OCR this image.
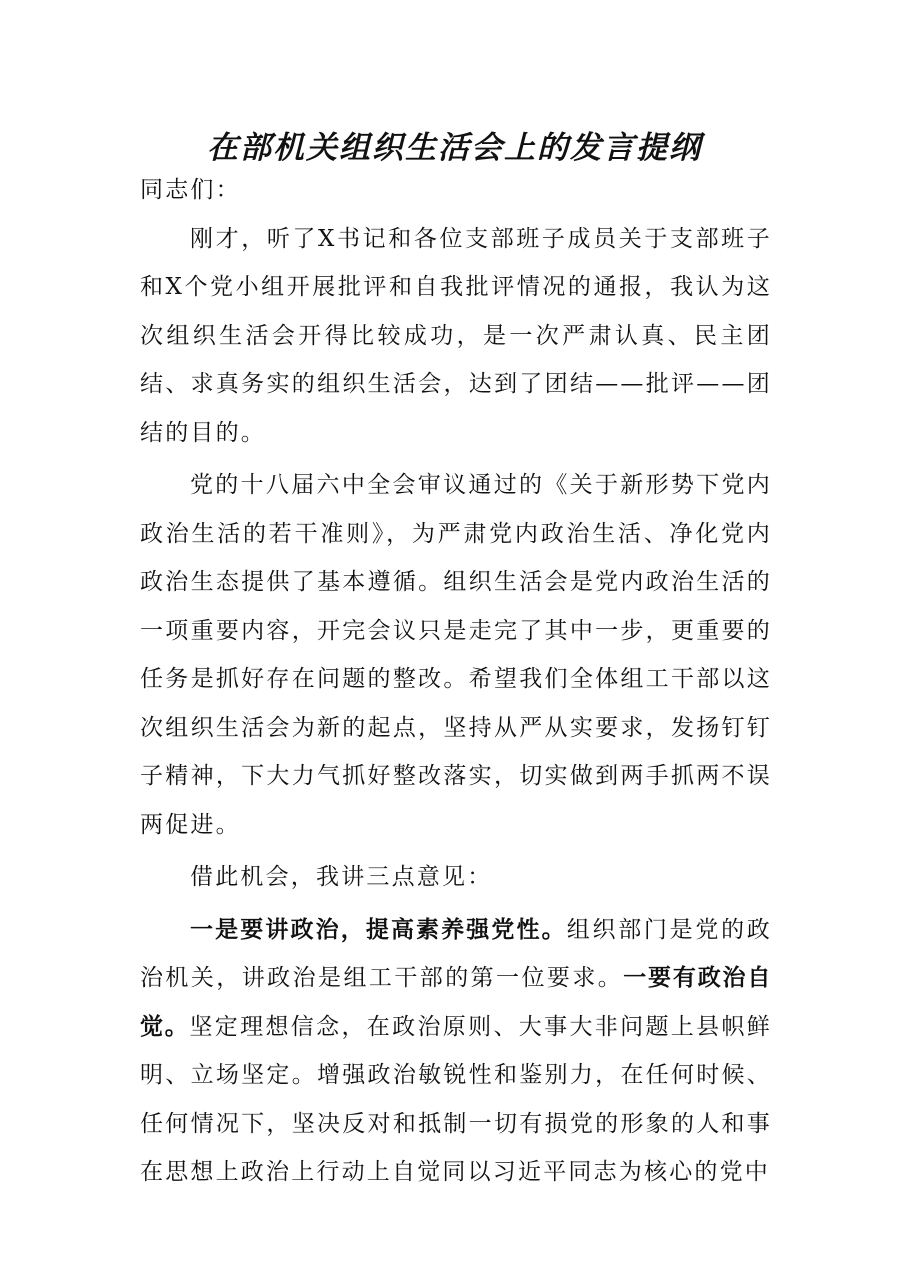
在部机关组织生活会上的发言提纲

同志们：

刚才，听了X书记和各位支部班子成员关于支部班子和X个党小组开展批评和自我批评情况的通报，我认为这次组织生活会开得比较成功，是一次严肃认真、民主团结、求真务实的组织生活会，达到了团结——批评——团结的目的。

党的十八届六中全会审议通过的《关于新形势下党内政治生活的若干准则》，为严肃党内政治生活、净化党内政治生态提供了基本遵循。组织生活会是党内政治生活的一项重要内容，开完会议只是走完了其中一步，更重要的任务是抓好存在问题的整改。希望我们全体组工干部以这次组织生活会为新的起点，坚持从严从实要求，发扬钉钉子精神，下大力气抓好整改落实，切实做到两手抓两不误两促进。

借此机会，我讲三点意见：

一是要讲政治，提高素养强党性。组织部门是党的政治机关，讲政治是组工干部的第一位要求。一要有政治自觉。坚定理想信念，在政治原则、大事大非问题上县帜鲜明、立场坚定。增强政治敏锐性和鉴别力，在任何时候、任何情况下，坚决反对和抵制一切有损党的形象的人和事在思想上政治上行动上自觉同以习近平同志为核心的党中
